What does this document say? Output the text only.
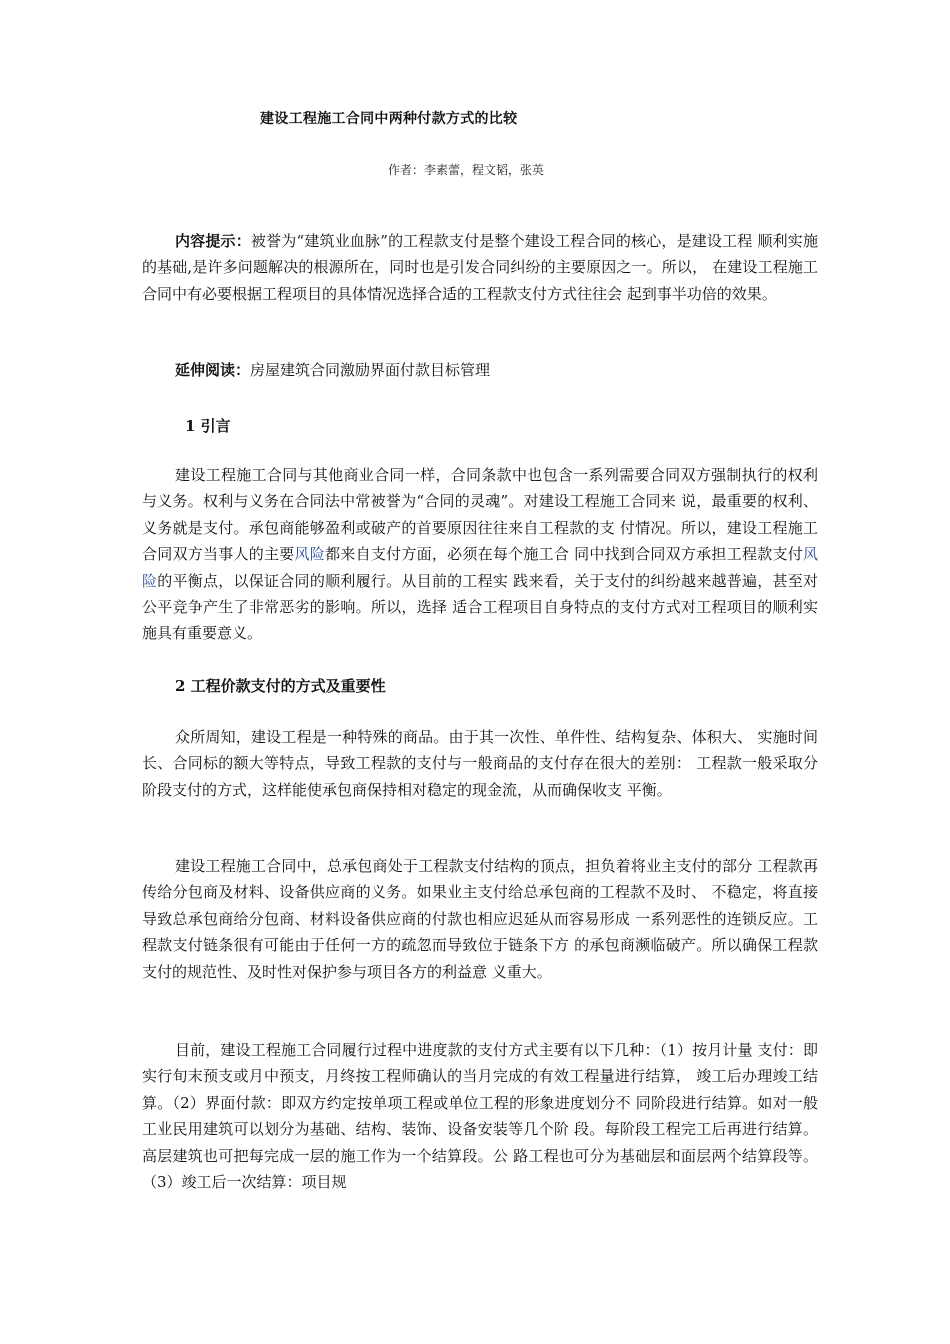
建设工程施工合同中两种付款方式的比较
作者：李素蕾，程文韬，张英

内容提示：被誉为“建筑业血脉”的工程款支付是整个建设工程合同的核心，是建设工程 顺利实施的基础,是许多问题解决的根源所在，同时也是引发合同纠纷的主要原因之一。所以， 在建设工程施工合同中有必要根据工程项目的具体情况选择合适的工程款支付方式往往会 起到事半功倍的效果。

延伸阅读：房屋建筑合同激励界面付款目标管理
1 引言

建设工程施工合同与其他商业合同一样，合同条款中也包含一系列需要合同双方强制执行的权利与义务。权利与义务在合同法中常被誉为“合同的灵魂”。对建设工程施工合同来 说，最重要的权利、义务就是支付。承包商能够盈利或破产的首要原因往往来自工程款的支 付情况。所以，建设工程施工合同双方当事人的主要风险都来自支付方面，必须在每个施工合 同中找到合同双方承担工程款支付风险的平衡点，以保证合同的顺利履行。从目前的工程实 践来看，关于支付的纠纷越来越普遍，甚至对公平竞争产生了非常恶劣的影响。所以，选择 适合工程项目自身特点的支付方式对工程项目的顺利实施具有重要意义。

2 工程价款支付的方式及重要性

众所周知，建设工程是一种特殊的商品。由于其一次性、单件性、结构复杂、体积大、 实施时间长、合同标的额大等特点，导致工程款的支付与一般商品的支付存在很大的差别： 工程款一般采取分阶段支付的方式，这样能使承包商保持相对稳定的现金流，从而确保收支 平衡。

建设工程施工合同中，总承包商处于工程款支付结构的顶点，担负着将业主支付的部分 工程款再传给分包商及材料、设备供应商的义务。如果业主支付给总承包商的工程款不及时、 不稳定，将直接导致总承包商给分包商、材料设备供应商的付款也相应迟延从而容易形成 一系列恶性的连锁反应。工程款支付链条很有可能由于任何一方的疏忽而导致位于链条下方 的承包商濒临破产。所以确保工程款支付的规范性、及时性对保护参与项目各方的利益意 义重大。

目前，建设工程施工合同履行过程中进度款的支付方式主要有以下几种：（1）按月计量 支付：即实行旬末预支或月中预支，月终按工程师确认的当月完成的有效工程量进行结算， 竣工后办理竣工结算。（2）界面付款：即双方约定按单项工程或单位工程的形象进度划分不 同阶段进行结算。如对一般工业民用建筑可以划分为基础、结构、装饰、设备安装等几个阶 段。每阶段工程完工后再进行结算。高层建筑也可把每完成一层的施工作为一个结算段。公 路工程也可分为基础层和面层两个结算段等。（3）竣工后一次结算：项目规
